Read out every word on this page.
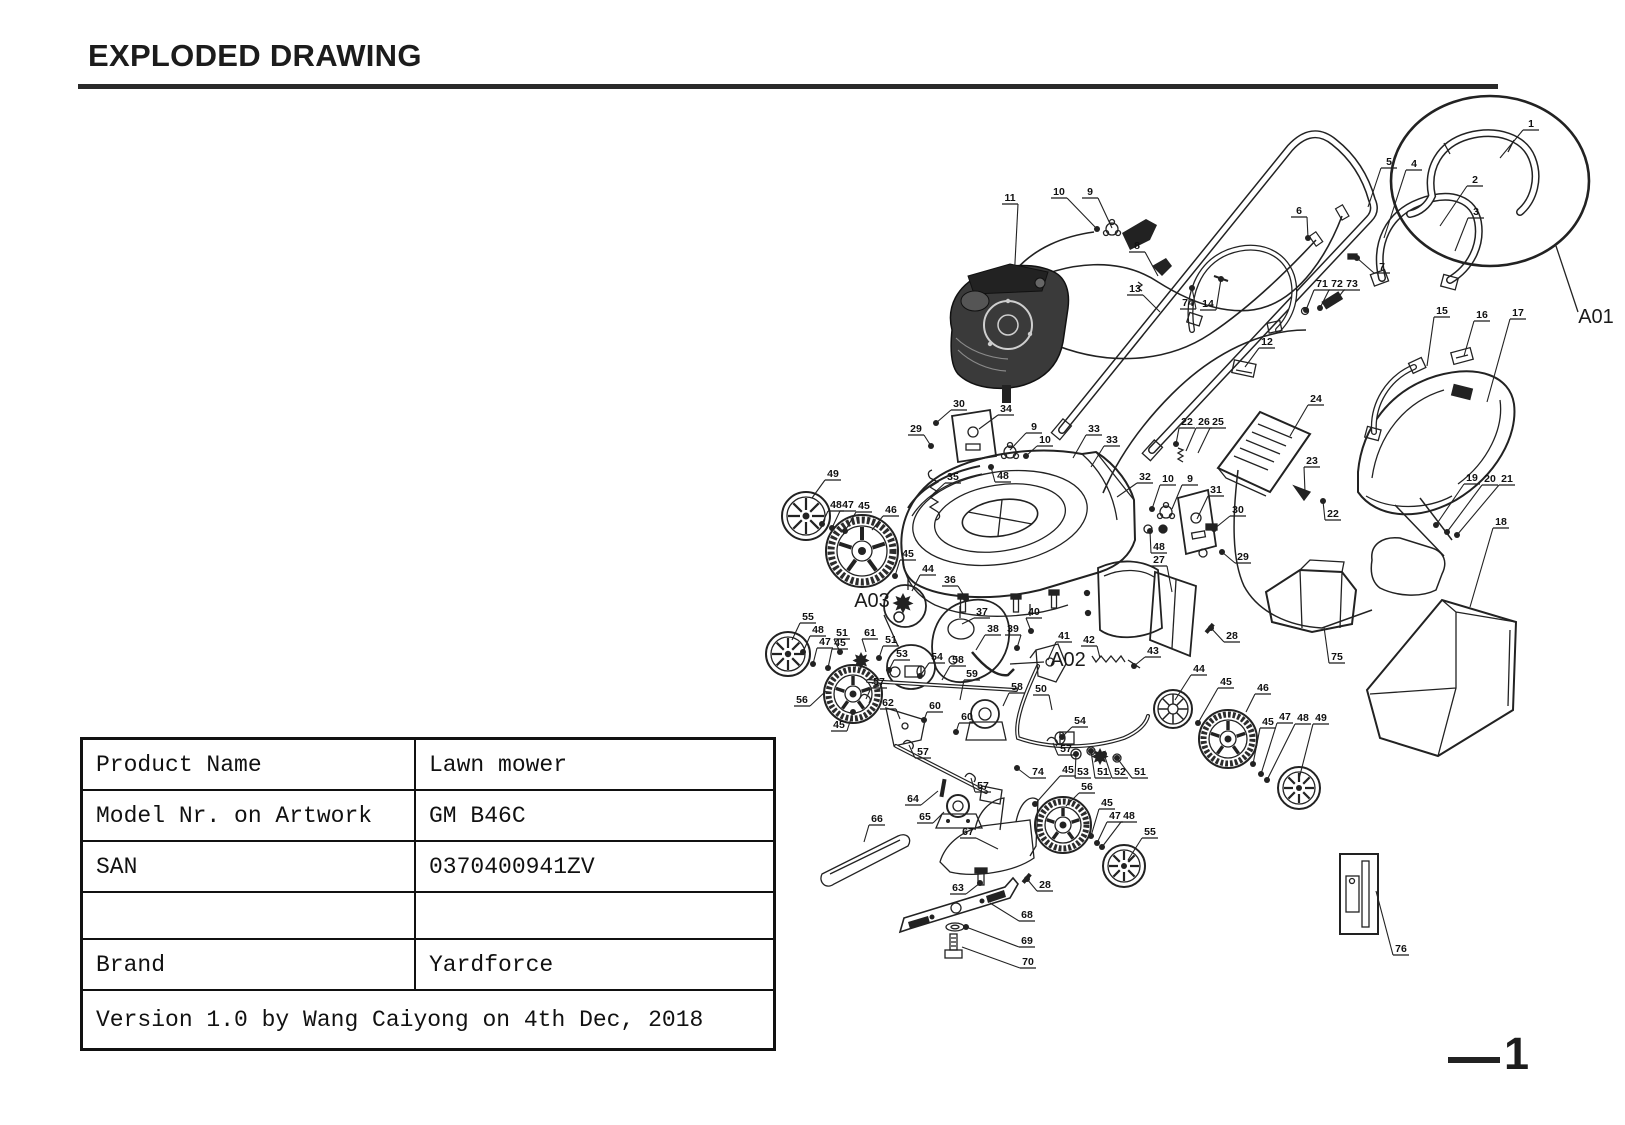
EXPLODED DRAWING
11	10 9
8
6
13
74 14
12
71 72 73
7
5 4
2
3
1
A01
15	16 17
19 20 21
18
24
23
22
22 26 25
10 9
31
30
48
29
27
28
75
43
30	34
29	9
10
33
33
35	48	32
49
48 47 45 46
45
44
36
A03	37
38 39
40
41 42
A02
50
58
58
59
53 54
51 61
51
55
48
47 45
56
57
62	60
60
45
57
57
64
65
66
67
63
68
69
70
28
74 45 53 51 52 51
54
57
56
45
47 48
55
44
45 46
45 47 48 49
76
Product Name	Lawn mower
Model Nr. on Artwork	GM B46C
SAN	0370400941ZV

Brand	Yardforce
Version 1.0 by Wang Caiyong on 4th Dec, 2018	
1
